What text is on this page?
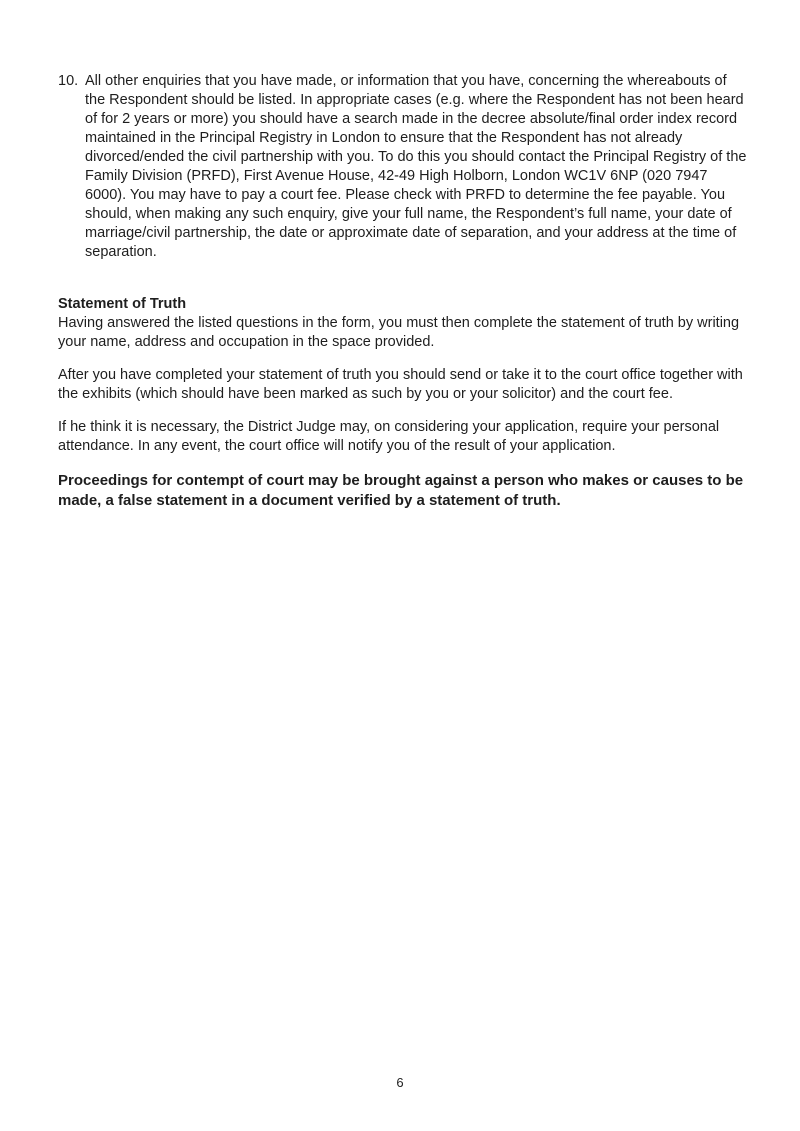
10. All other enquiries that you have made, or information that you have, concerning the whereabouts of the Respondent should be listed. In appropriate cases (e.g. where the Respondent has not been heard of for 2 years or more) you should have a search made in the decree absolute/final order index record maintained in the Principal Registry in London to ensure that the Respondent has not already divorced/ended the civil partnership with you. To do this you should contact the Principal Registry of the Family Division (PRFD), First Avenue House, 42-49 High Holborn, London WC1V 6NP (020 7947 6000). You may have to pay a court fee. Please check with PRFD to determine the fee payable. You should, when making any such enquiry, give your full name, the Respondent’s full name, your date of marriage/civil partnership, the date or approximate date of separation, and your address at the time of separation.
Statement of Truth

Having answered the listed questions in the form, you must then complete the statement of truth by writing your name, address and occupation in the space provided.

After you have completed your statement of truth you should send or take it to the court office together with the exhibits (which should have been marked as such by you or your solicitor) and the court fee.

If he think it is necessary, the District Judge may, on considering your application, require your personal attendance. In any event, the court office will notify you of the result of your application.

Proceedings for contempt of court may be brought against a person who makes or causes to be made, a false statement in a document verified by a statement of truth.

6
